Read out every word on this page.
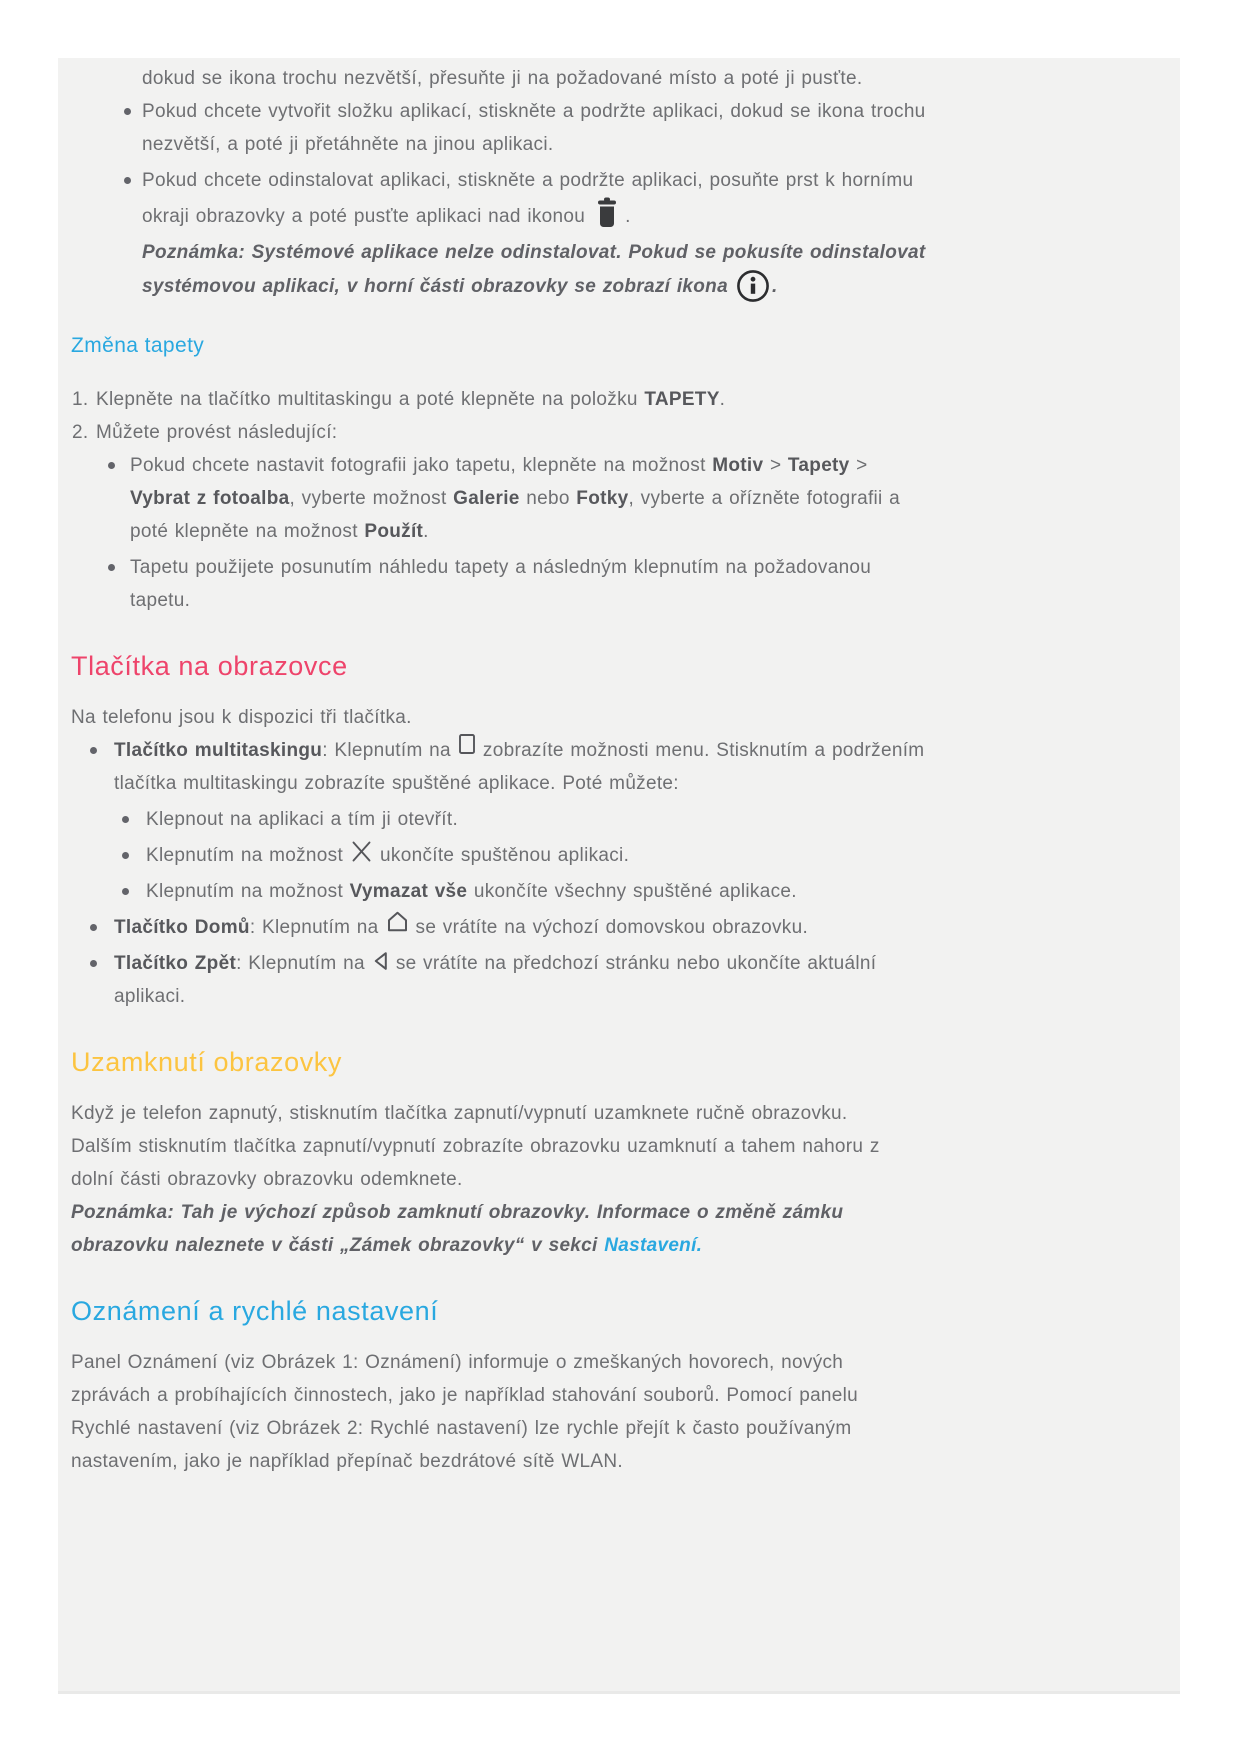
dokud se ikona trochu nezvětší, přesuňte ji na požadované místo a poté ji pusťte.
Pokud chcete vytvořit složku aplikací, stiskněte a podržte aplikaci, dokud se ikona trochu
nezvětší, a poté ji přetáhněte na jinou aplikaci.
Pokud chcete odinstalovat aplikaci, stiskněte a podržte aplikaci, posuňte prst k hornímu
okraji obrazovky a poté pusťte aplikaci nad ikonou .
Poznámka: Systémové aplikace nelze odinstalovat. Pokud se pokusíte odinstalovat
systémovou aplikaci, v horní části obrazovky se zobrazí ikona .
Změna tapety
1. Klepněte na tlačítko multitaskingu a poté klepněte na položku TAPETY.
2. Můžete provést následující:
Pokud chcete nastavit fotografii jako tapetu, klepněte na možnost Motiv > Tapety >
Vybrat z fotoalba, vyberte možnost Galerie nebo Fotky, vyberte a ořízněte fotografii a
poté klepněte na možnost Použít.
Tapetu použijete posunutím náhledu tapety a následným klepnutím na požadovanou
tapetu.
Tlačítka na obrazovce

Na telefonu jsou k dispozici tři tlačítka.

Tlačítko multitaskingu: Klepnutím na zobrazíte možnosti menu. Stisknutím a podržením
tlačítka multitaskingu zobrazíte spuštěné aplikace. Poté můžete:
Klepnout na aplikaci a tím ji otevřít.
Klepnutím na možnost ukončíte spuštěnou aplikaci.
Klepnutím na možnost Vymazat vše ukončíte všechny spuštěné aplikace.
Tlačítko Domů: Klepnutím na se vrátíte na výchozí domovskou obrazovku.
Tlačítko Zpět: Klepnutím na se vrátíte na předchozí stránku nebo ukončíte aktuální
aplikaci.
Uzamknutí obrazovky
Když je telefon zapnutý, stisknutím tlačítka zapnutí/vypnutí uzamknete ručně obrazovku.
Dalším stisknutím tlačítka zapnutí/vypnutí zobrazíte obrazovku uzamknutí a tahem nahoru z
dolní části obrazovky obrazovku odemknete.
Poznámka: Tah je výchozí způsob zamknutí obrazovky. Informace o změně zámku
obrazovku naleznete v části „Zámek obrazovky“ v sekci Nastavení.
Oznámení a rychlé nastavení
Panel Oznámení (viz Obrázek 1: Oznámení) informuje o zmeškaných hovorech, nových
zprávách a probíhajících činnostech, jako je například stahování souborů. Pomocí panelu
Rychlé nastavení (viz Obrázek 2: Rychlé nastavení) lze rychle přejít k často používaným
nastavením, jako je například přepínač bezdrátové sítě WLAN.
